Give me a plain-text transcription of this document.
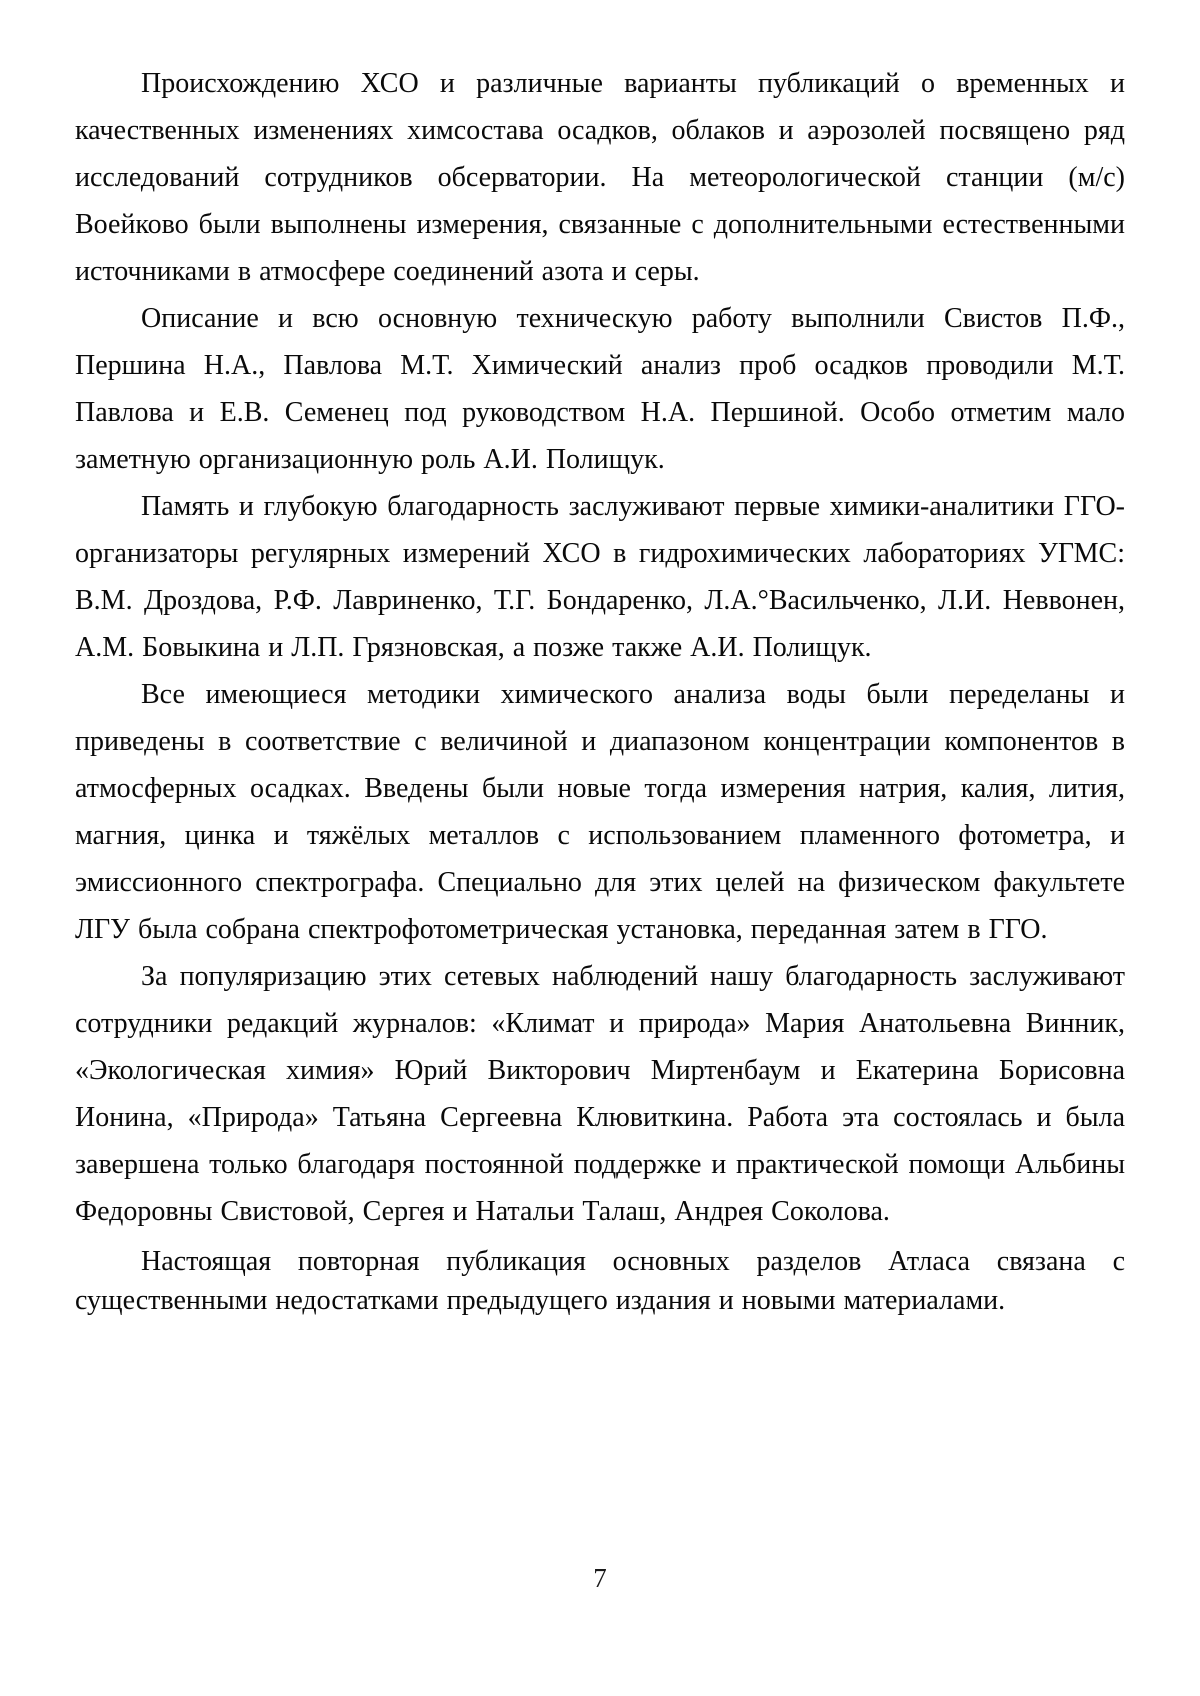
Происхождению ХСО и различные варианты публикаций о временных и качественных изменениях химсостава осадков, облаков и аэрозолей посвящено ряд исследований сотрудников обсерватории. На метеорологической станции (м/с) Воейково были выполнены измерения, связанные с дополнительными естественными источниками в атмосфере соединений азота и серы.

Описание и всю основную техническую работу выполнили Свистов П.Ф., Першина Н.А., Павлова М.Т. Химический анализ проб осадков проводили М.Т. Павлова и Е.В. Семенец под руководством Н.А. Першиной. Особо отметим мало заметную организационную роль А.И. Полищук.

Память и глубокую благодарность заслуживают первые химики-аналитики ГГО-организаторы регулярных измерений ХСО в гидрохимических лабораториях УГМС: В.М. Дроздова, Р.Ф. Лавриненко, Т.Г. Бондаренко, Л.А.°Васильченко, Л.И. Неввонен, А.М. Бовыкина и Л.П. Грязновская, а позже также А.И. Полищук.

Все имеющиеся методики химического анализа воды были переделаны и приведены в соответствие с величиной и диапазоном концентрации компонентов в атмосферных осадках. Введены были новые тогда измерения натрия, калия, лития, магния, цинка и тяжёлых металлов с использованием пламенного фотометра, и эмиссионного спектрографа. Специально для этих целей на физическом факультете ЛГУ была собрана спектрофотометрическая установка, переданная затем в ГГО.

За популяризацию этих сетевых наблюдений нашу благодарность заслуживают сотрудники редакций журналов: «Климат и природа» Мария Анатольевна Винник, «Экологическая химия» Юрий Викторович Миртенбаум и Екатерина Борисовна Ионина, «Природа» Татьяна Сергеевна Клювиткина. Работа эта состоялась и была завершена только благодаря постоянной поддержке и практической помощи Альбины Федоровны Свистовой, Сергея и Натальи Талаш, Андрея Соколова.

Настоящая повторная публикация основных разделов Атласа связана с существенными недостатками предыдущего издания и новыми материалами.

7
